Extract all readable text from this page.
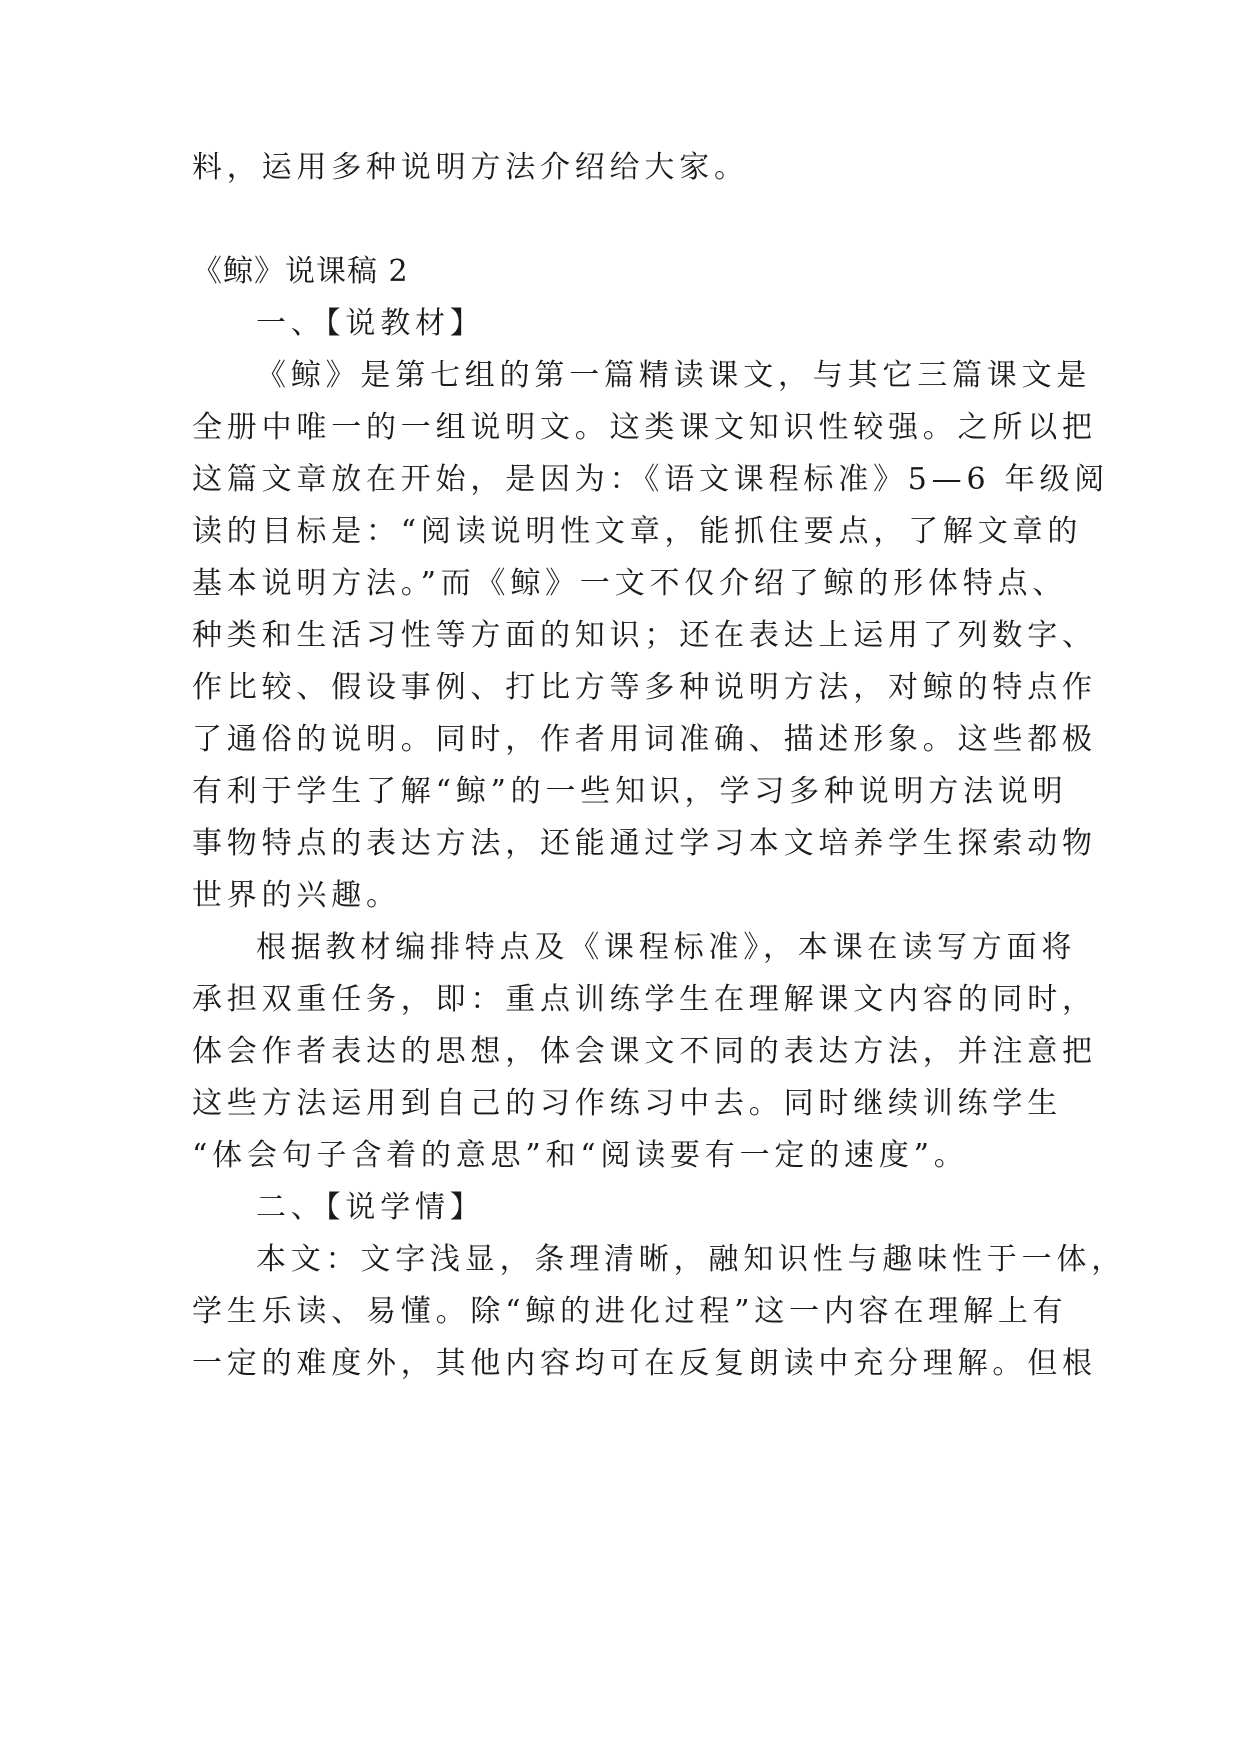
料，运用多种说明方法介绍给大家。
《鲸》说课稿 2
一、【说教材】
《鲸》是第七组的第一篇精读课文，与其它三篇课文是
全册中唯一的一组说明文。这类课文知识性较强。之所以把
这篇文章放在开始，是因为：《语文课程标准》5—6 年级阅
读的目标是：“阅读说明性文章，能抓住要点，了解文章的
基本说明方法。”而《鲸》一文不仅介绍了鲸的形体特点、
种类和生活习性等方面的知识；还在表达上运用了列数字、
作比较、假设事例、打比方等多种说明方法，对鲸的特点作
了通俗的说明。同时，作者用词准确、描述形象。这些都极
有利于学生了解“鲸”的一些知识，学习多种说明方法说明
事物特点的表达方法，还能通过学习本文培养学生探索动物
世界的兴趣。
根据教材编排特点及《课程标准》，本课在读写方面将
承担双重任务，即：重点训练学生在理解课文内容的同时，
体会作者表达的思想，体会课文不同的表达方法，并注意把
这些方法运用到自己的习作练习中去。同时继续训练学生
“体会句子含着的意思”和“阅读要有一定的速度”。
二、【说学情】
本文：文字浅显，条理清晰，融知识性与趣味性于一体，
学生乐读、易懂。除“鲸的进化过程”这一内容在理解上有
一定的难度外，其他内容均可在反复朗读中充分理解。但根
